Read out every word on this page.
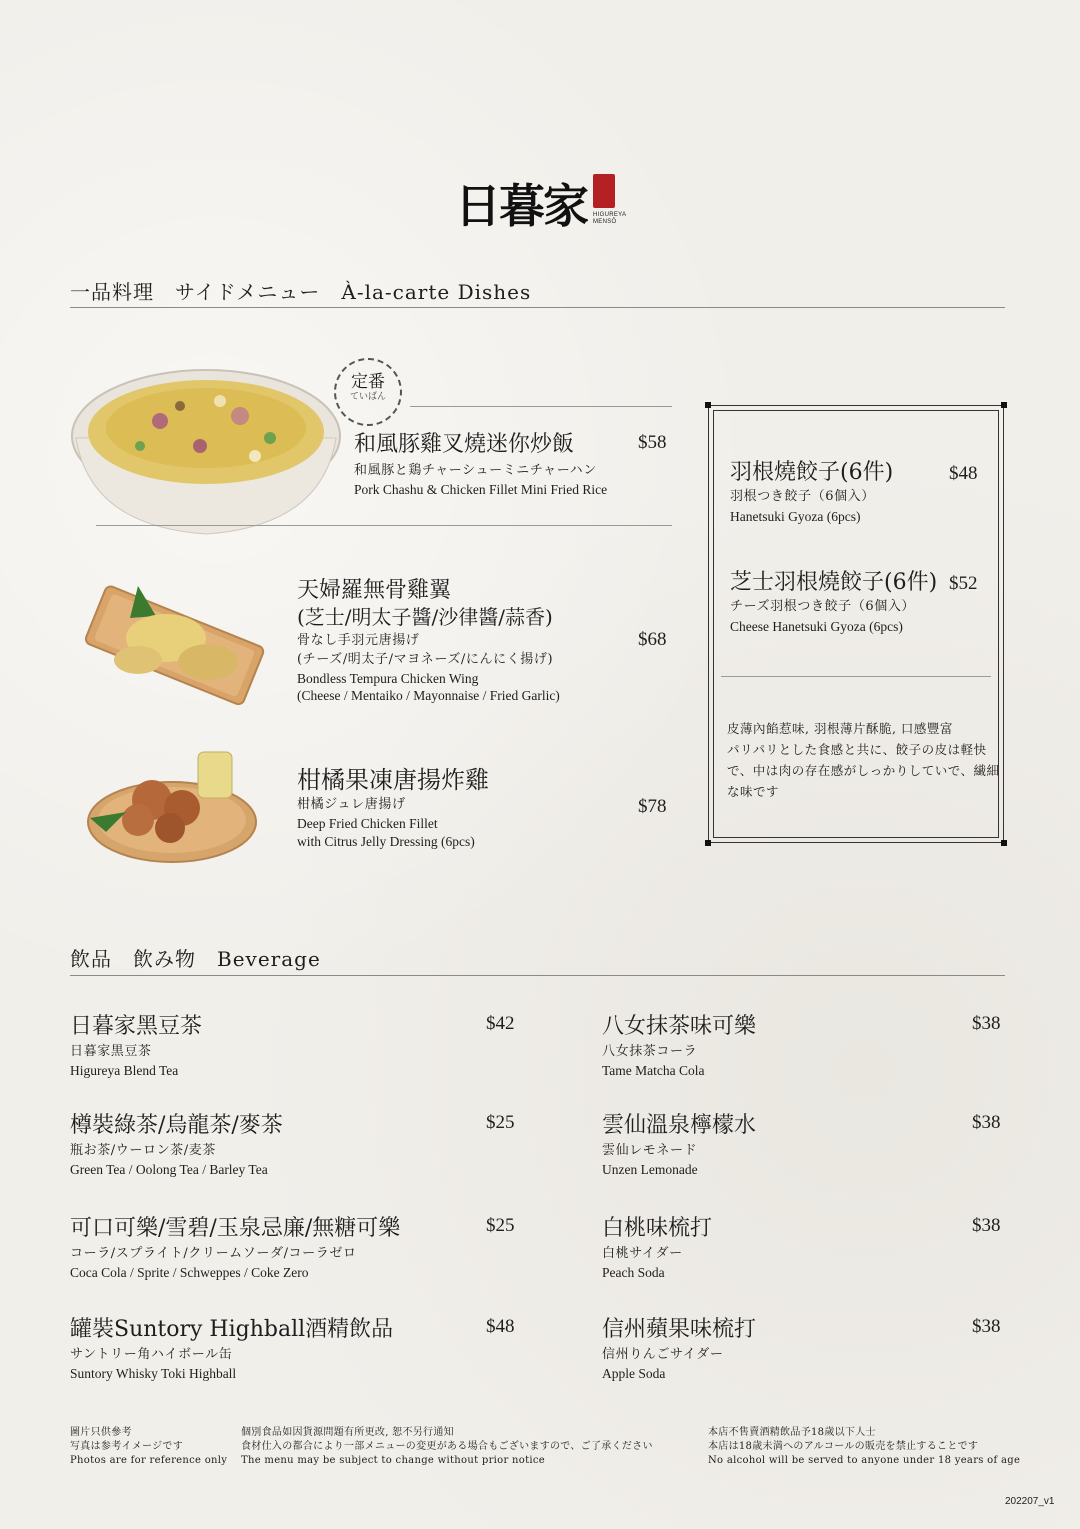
日暮家 HIGUREYA
MENSŌ
一品料理　サイドメニュー　À-la-carte Dishes
定番
ていばん
和風豚雞叉燒迷你炒飯	$58
和風豚と鶏チャーシューミニチャーハン
Pork Chashu & Chicken Fillet Mini Fried Rice
天婦羅無骨雞翼
(芝士/明太子醬/沙律醬/蒜香)
骨なし手羽元唐揚げ
(チーズ/明太子/マヨネーズ/にんにく揚げ)
Bondless Tempura Chicken Wing
(Cheese / Mentaiko / Mayonnaise / Fried Garlic)
$68
柑橘果凍唐揚炸雞
柑橘ジュレ唐揚げ
Deep Fried Chicken Fillet
with Citrus Jelly Dressing (6pcs)
$78
羽根燒餃子(6件)	$48
羽根つき餃子（6個入）
Hanetsuki Gyoza (6pcs)
芝士羽根燒餃子(6件) $52
チーズ羽根つき餃子（6個入）
Cheese Hanetsuki Gyoza (6pcs)
皮薄內餡惹味, 羽根薄片酥脆, 口感豐富
パリパリとした食感と共に、餃子の皮は軽快
で、中は肉の存在感がしっかりしていで、繊細
な味です
飲品　飲み物　Beverage
日暮家黑豆茶	$42
日暮家黒豆茶
Higureya Blend Tea
樽裝綠茶/烏龍茶/麥茶	$25
瓶お茶/ウーロン茶/麦茶
Green Tea / Oolong Tea / Barley Tea
可口可樂/雪碧/玉泉忌廉/無糖可樂	$25
コーラ/スプライト/クリームソーダ/コーラゼロ
Coca Cola / Sprite / Schweppes / Coke Zero
罐裝Suntory Highball酒精飲品	$48
サントリー角ハイボール缶
Suntory Whisky Toki Highball
八女抹茶味可樂	$38
八女抹茶コーラ
Tame Matcha Cola
雲仙溫泉檸檬水	$38
雲仙レモネード
Unzen Lemonade
白桃味梳打	$38
白桃サイダー
Peach Soda
信州蘋果味梳打	$38
信州りんごサイダー
Apple Soda
圖片只供參考
写真は参考イメージです
Photos are for reference only
個別食品如因貨源問題有所更改, 恕不另行通知
食材仕入の都合により一部メニューの変更がある場合もございますので、ご了承ください
The menu may be subject to change without prior notice
本店不售賣酒精飲品予18歲以下人士
本店は18歳未満へのアルコールの販売を禁止することです
No alcohol will be served to anyone under 18 years of age
202207_v1
